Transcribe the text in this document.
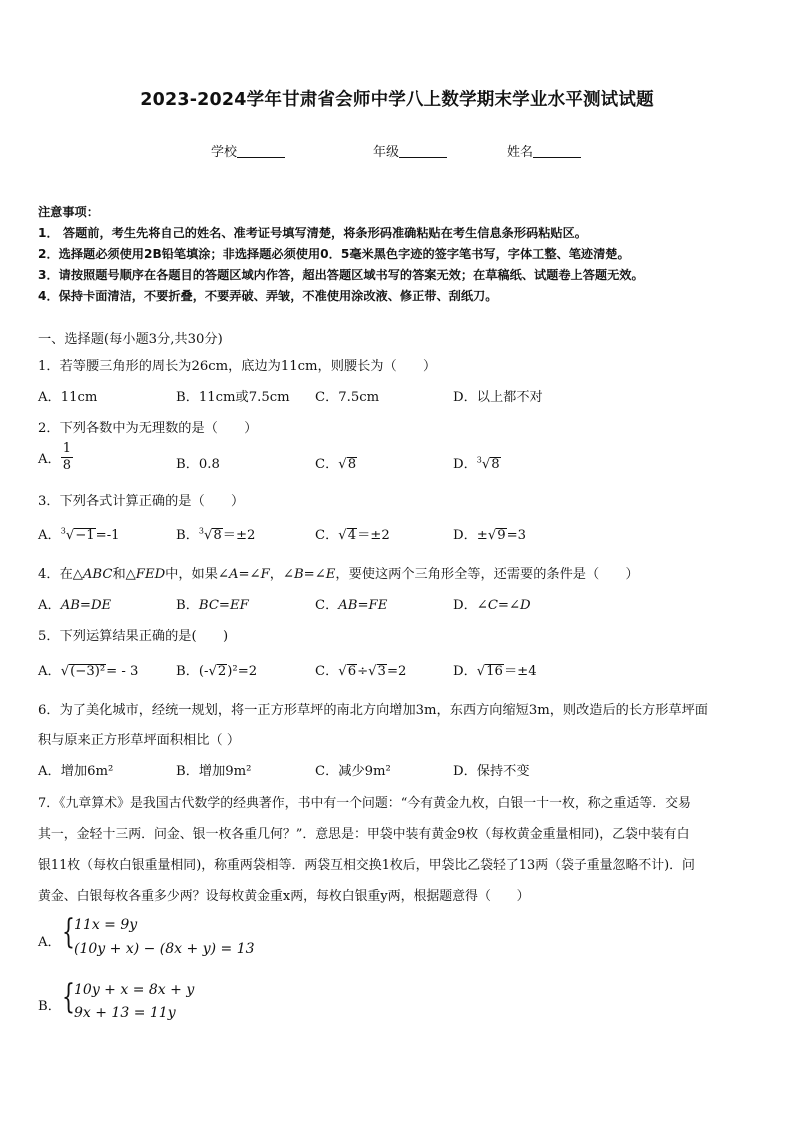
2023-2024学年甘肃省会师中学八上数学期末学业水平测试试题
学校	年级	姓名
注意事项：
1． 答题前，考生先将自己的姓名、准考证号填写清楚，将条形码准确粘贴在考生信息条形码粘贴区。
2．选择题必须使用2B铅笔填涂；非选择题必须使用0．5毫米黑色字迹的签字笔书写，字体工整、笔迹清楚。
3．请按照题号顺序在各题目的答题区域内作答，超出答题区域书写的答案无效；在草稿纸、试题卷上答题无效。
4．保持卡面清洁，不要折叠，不要弄破、弄皱，不准使用涂改液、修正带、刮纸刀。
一、选择题(每小题3分,共30分)
1．若等腰三角形的周长为26cm，底边为11cm，则腰长为（　　）
A．11cm	B．11cm或7.5cm C．7.5cm	D．以上都不对
2．下列各数中为无理数的是（　　）
A． $\frac{1}{8}$	B．0.8	C．√8	D．$^3$√8
3．下列各式计算正确的是（　　）
A．$^3$√−1=-1	B．$^3$√8＝±2	C．√4＝±2	D．±√9=3
4．在△ABC和△FED中，如果∠A=∠F，∠B=∠E，要使这两个三角形全等，还需要的条件是（　　）
A．AB=DE	B．BC=EF	C．AB=FE	D．∠C=∠D
5．下列运算结果正确的是(　　)
A．√(−3)²= - 3	B．(-√2)²=2	C．√6÷√3=2	D．√16＝±4
6．为了美化城市，经统一规划，将一正方形草坪的南北方向增加3m，东西方向缩短3m，则改造后的长方形草坪面
积与原来正方形草坪面积相比（ ）
A．增加6m²	B．增加9m²	C．减少9m²	D．保持不变
7．《九章算术》是我国古代数学的经典著作，书中有一个问题：“今有黄金九枚，白银一十一枚，称之重适等．交易
其一，金轻十三两．问金、银一枚各重几何？”．意思是：甲袋中装有黄金9枚（每枚黄金重量相同)，乙袋中装有白
银11枚（每枚白银重量相同)，称重两袋相等．两袋互相交换1枚后，甲袋比乙袋轻了13两（袋子重量忽略不计)．问
黄金、白银每枚各重多少两？设每枚黄金重x两，每枚白银重y两，根据题意得（　　）
A． { 11x = 9y
(10y + x) − (8x + y) = 13
B． { 10y + x = 8x + y
9x + 13 = 11y
